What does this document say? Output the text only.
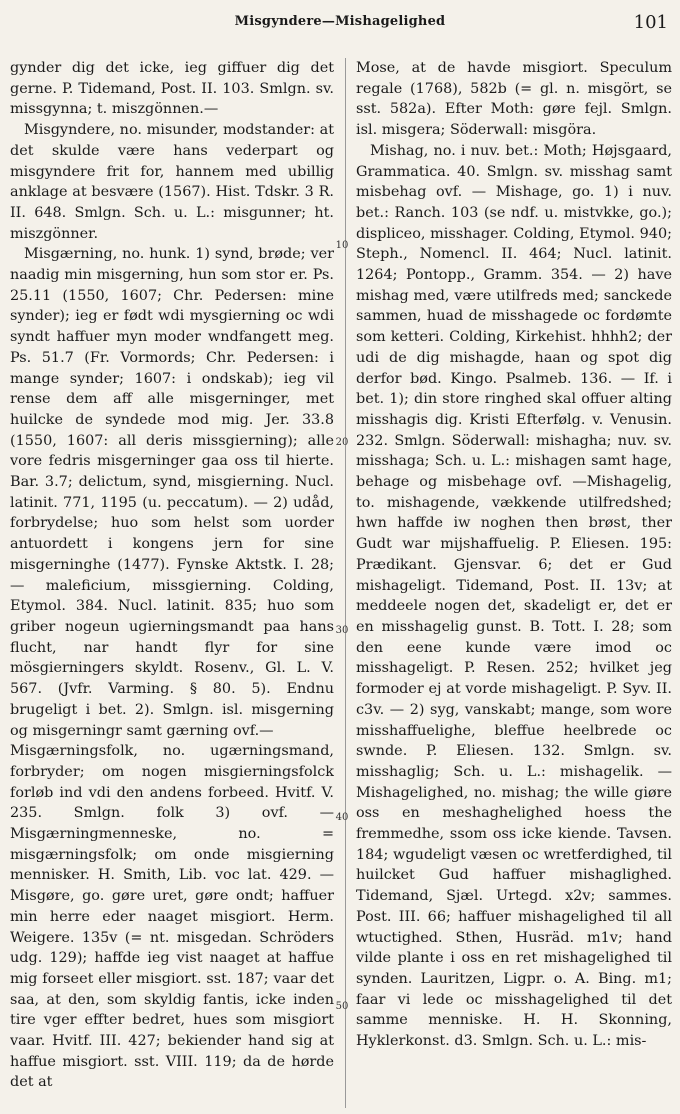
Misgyndere—Mishagelighed	101

gynder dig det icke, ieg giffuer dig det gerne. P. Tidemand, Post. II. 103. Smlgn. sv. missgynna; t. miszgönnen.—

Misgyndere, no. misunder, modstander: at det skulde være hans vederpart og misgyndere frit for, hannem med ubillig anklage at besvære (1567). Hist. Tdskr. 3 R. II. 648. Smlgn. Sch. u. L.: misgunner; ht. miszgönner.

Misgærning, no. hunk. 1) synd, brøde; ver naadig min misgerning, hun som stor er. Ps. 25.11 (1550, 1607; Chr. Pedersen: mine synder); ieg er født wdi mysgierning oc wdi syndt haffuer myn moder wndfangett meg. Ps. 51.7 (Fr. Vormords; Chr. Pedersen: i mange synder; 1607: i ondskab); ieg vil rense dem aff alle misgerninger, met huilcke de syndede mod mig. Jer. 33.8 (1550, 1607: all deris missgierning); alle vore fedris misgerninger gaa oss til hierte. Bar. 3.7; delictum, synd, misgierning. Nucl. latinit. 771, 1195 (u. peccatum). — 2) udåd, forbrydelse; huo som helst som uorder antuordett i kongens jern for sine misgerninghe (1477). Fynske Aktstk. I. 28; — maleficium, missgierning. Colding, Etymol. 384. Nucl. latinit. 835; huo som griber nogeun ugierningsmandt paa hans flucht, nar handt flyr for sine mösgierningers skyldt. Rosenv., Gl. L. V. 567. (Jvfr. Varming. § 80. 5). Endnu brugeligt i bet. 2). Smlgn. isl. misgerning og misgerningr samt gærning ovf.—

Misgærningsfolk, no. ugærningsmand, forbryder; om nogen misgierningsfolck forløb ind vdi den andens forbeed. Hvitf. V. 235. Smlgn. folk 3) ovf. — Misgærningmenneske, no. = misgærningsfolk; om onde misgierning mennisker. H. Smith, Lib. voc lat. 429. — Misgøre, go. gøre uret, gøre ondt; haffuer min herre eder naaget misgiort. Herm. Weigere. 135v (= nt. misgedan. Schröders udg. 129); haffde ieg vist naaget at haffue mig forseet eller misgiort. sst. 187; vaar det saa, at den, som skyldig fantis, icke inden tire vger effter bedret, hues som misgiort vaar. Hvitf. III. 427; bekiender hand sig at haffue misgiort. sst. VIII. 119; da de hørde det at

10
20
30
40
50

Mose, at de havde misgiort. Speculum regale (1768), 582b (= gl. n. misgört, se sst. 582a). Efter Moth: gøre fejl. Smlgn. isl. misgera; Söderwall: misgöra.

Mishag, no. i nuv. bet.: Moth; Højsgaard, Grammatica. 40. Smlgn. sv. misshag samt misbehag ovf. — Mishage, go. 1) i nuv. bet.: Ranch. 103 (se ndf. u. mistvkke, go.); displiceo, misshager. Colding, Etymol. 940; Steph., Nomencl. II. 464; Nucl. latinit. 1264; Pontopp., Gramm. 354. — 2) have mishag med, være utilfreds med; sanckede sammen, huad de misshagede oc fordømte som ketteri. Colding, Kirkehist. hhhh2; der udi de dig mishagde, haan og spot dig derfor bød. Kingo. Psalmeb. 136. — If. i bet. 1); din store ringhed skal offuer alting misshagis dig. Kristi Efterfølg. v. Venusin. 232. Smlgn. Söderwall: mishagha; nuv. sv. misshaga; Sch. u. L.: mishagen samt hage, behage og misbehage ovf. —Mishagelig, to. mishagende, vækkende utilfredshed; hwn haffde iw noghen then brøst, ther Gudt war mijshaffuelig. P. Eliesen. 195: Prædikant. Gjensvar. 6; det er Gud mishageligt. Tidemand, Post. II. 13v; at meddeele nogen det, skadeligt er, det er en misshagelig gunst. B. Tott. I. 28; som den eene kunde være imod oc misshageligt. P. Resen. 252; hvilket jeg formoder ej at vorde mishageligt. P. Syv. II. c3v. — 2) syg, vanskabt; mange, som wore misshaffuelighe, bleffue heelbrede oc swnde. P. Eliesen. 132. Smlgn. sv. misshaglig; Sch. u. L.: mishagelik. — Mishagelighed, no. mishag; the wille giøre oss en meshaghelighed hoess the fremmedhe, ssom oss icke kiende. Tavsen. 184; wgudeligt væsen oc wretferdighed, til huilcket Gud haffuer mishaglighed. Tidemand, Sjæl. Urtegd. x2v; sammes. Post. III. 66; haffuer mishagelighed til all wtuctighed. Sthen, Husräd. m1v; hand vilde plante i oss en ret mishagelighed til synden. Lauritzen, Ligpr. o. A. Bing. m1; faar vi lede oc misshagelighed til det samme menniske. H. H. Skonning, Hyklerkonst. d3. Smlgn. Sch. u. L.: mis-
